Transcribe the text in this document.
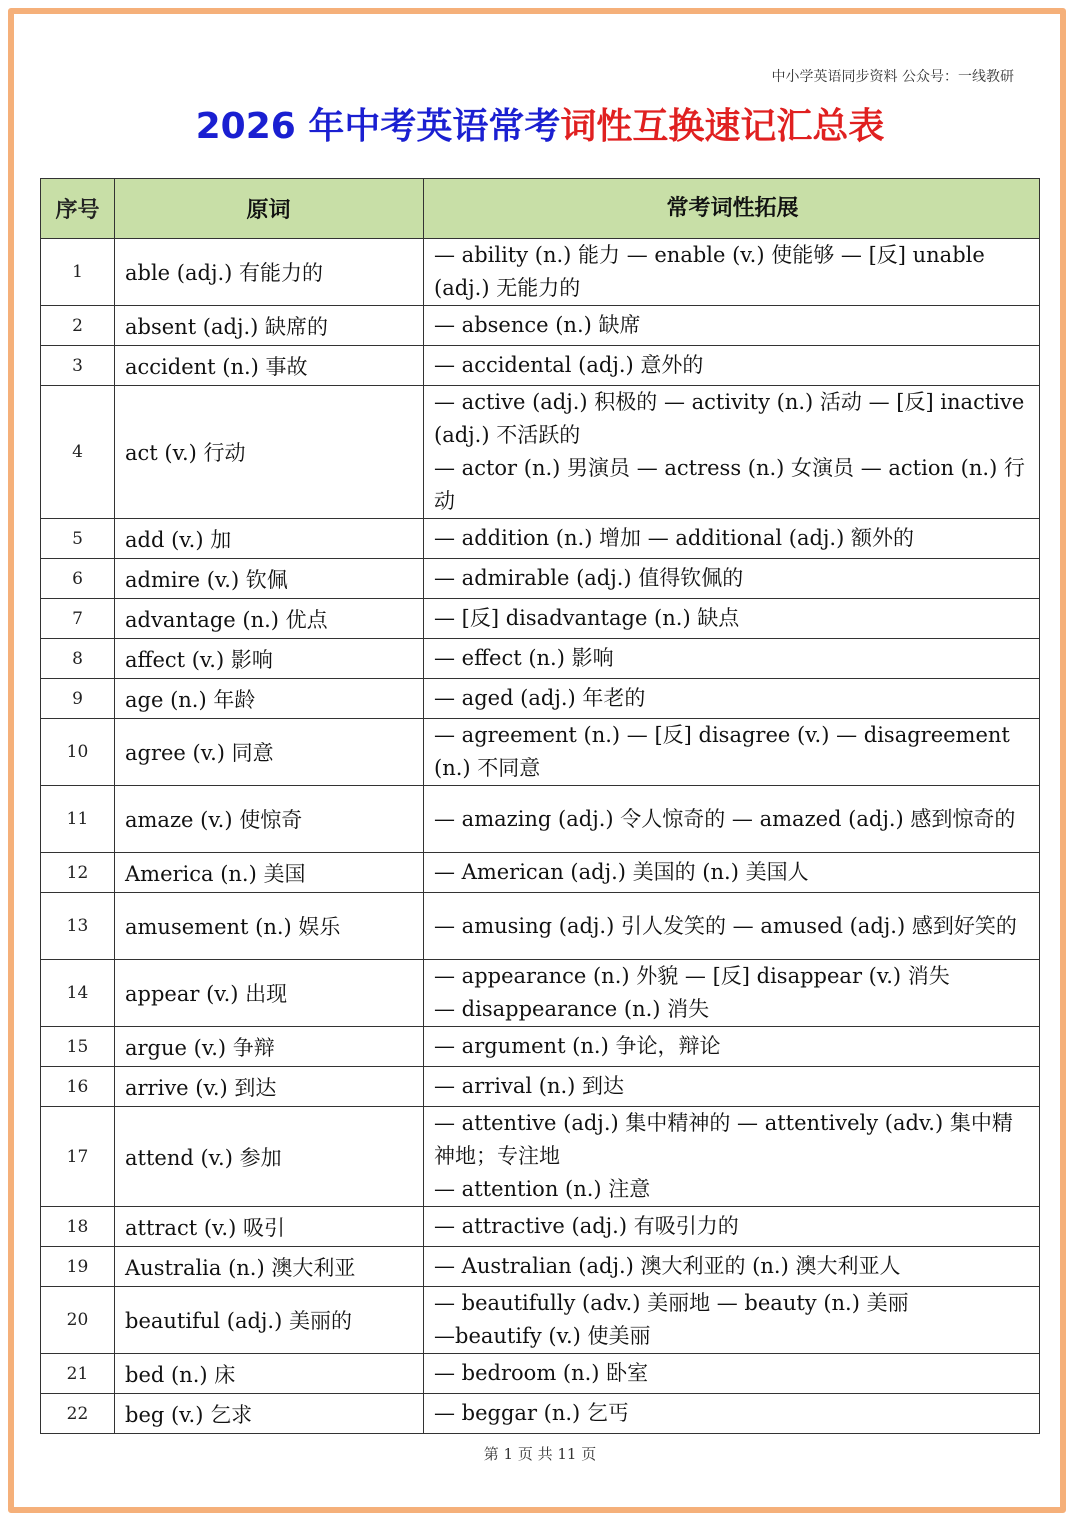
中小学英语同步资料 公众号：一线教研
2026 年中考英语常考词性互换速记汇总表
序号	原词	常考词性拓展
1	able (adj.) 有能力的	— ability (n.) 能力 — enable (v.) 使能够 — [反] unable (adj.) 无能力的

2	absent (adj.) 缺席的	— absence (n.) 缺席

3	accident (n.) 事故	— accidental (adj.) 意外的

4	act (v.) 行动	— active (adj.) 积极的 — activity (n.) 活动 — [反] inactive (adj.) 不活跃的
— actor (n.) 男演员 — actress (n.) 女演员 — action (n.) 行动

5	add (v.) 加	— addition (n.) 增加 — additional (adj.) 额外的

6	admire (v.) 钦佩	— admirable (adj.) 值得钦佩的

7	advantage (n.) 优点	— [反] disadvantage (n.) 缺点

8	affect (v.) 影响	— effect (n.) 影响

9	age (n.) 年龄	— aged (adj.) 年老的

10	agree (v.) 同意	— agreement (n.) — [反] disagree (v.) — disagreement (n.) 不同意

11	amaze (v.) 使惊奇	— amazing (adj.) 令人惊奇的 — amazed (adj.) 感到惊奇的

12	America (n.) 美国	— American (adj.) 美国的 (n.) 美国人

13	amusement (n.) 娱乐	— amusing (adj.) 引人发笑的 — amused (adj.) 感到好笑的

14	appear (v.) 出现	— appearance (n.) 外貌 — [反] disappear (v.) 消失
— disappearance (n.) 消失

15	argue (v.) 争辩	— argument (n.) 争论，辩论

16	arrive (v.) 到达	— arrival (n.) 到达

17	attend (v.) 参加	— attentive (adj.) 集中精神的 — attentively (adv.) 集中精神地；专注地
— attention (n.) 注意

18	attract (v.) 吸引	— attractive (adj.) 有吸引力的

19	Australia (n.) 澳大利亚	— Australian (adj.) 澳大利亚的 (n.) 澳大利亚人

20	beautiful (adj.) 美丽的	— beautifully (adv.) 美丽地 — beauty (n.) 美丽
—beautify (v.) 使美丽

21	bed (n.) 床	— bedroom (n.) 卧室

22	beg (v.) 乞求	— beggar (n.) 乞丐
第 1 页 共 11 页
